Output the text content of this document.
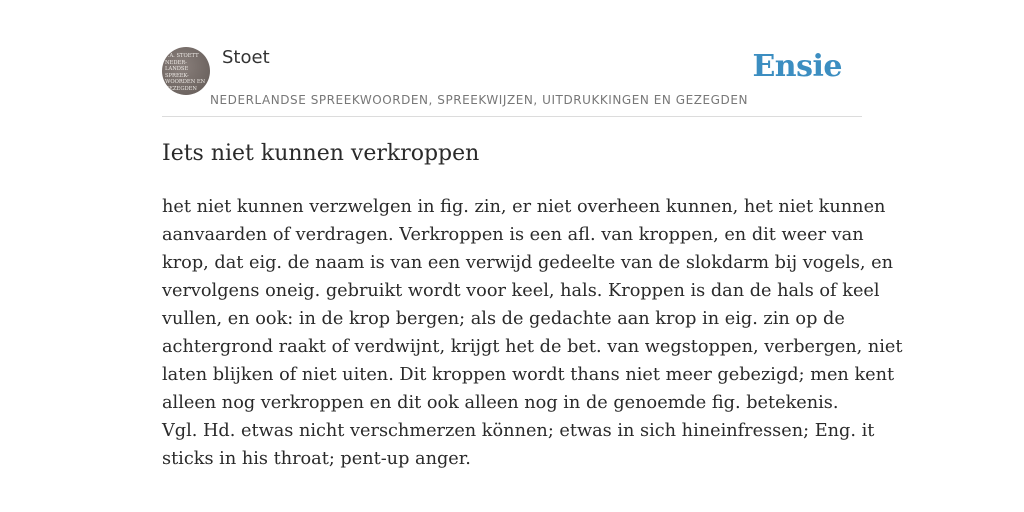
F.A. STOETT
NEDER-
LANDSE
SPREEK-
WOORDEN EN
GEZEGDEN
Stoet
NEDERLANDSE SPREEKWOORDEN, SPREEKWIJZEN, UITDRUKKINGEN EN GEZEGDEN
Ensie
Iets niet kunnen verkroppen
het niet kunnen verzwelgen in fig. zin, er niet overheen kunnen, het niet kunnen
aanvaarden of verdragen. Verkroppen is een afl. van kroppen, en dit weer van
krop, dat eig. de naam is van een verwijd gedeelte van de slokdarm bij vogels, en
vervolgens oneig. gebruikt wordt voor keel, hals. Kroppen is dan de hals of keel
vullen, en ook: in de krop bergen; als de gedachte aan krop in eig. zin op de
achtergrond raakt of verdwijnt, krijgt het de bet. van wegstoppen, verbergen, niet
laten blijken of niet uiten. Dit kroppen wordt thans niet meer gebezigd; men kent
alleen nog verkroppen en dit ook alleen nog in de genoemde fig. betekenis.
Vgl. Hd. etwas nicht verschmerzen können; etwas in sich hineinfressen; Eng. it
sticks in his throat; pent-up anger.
